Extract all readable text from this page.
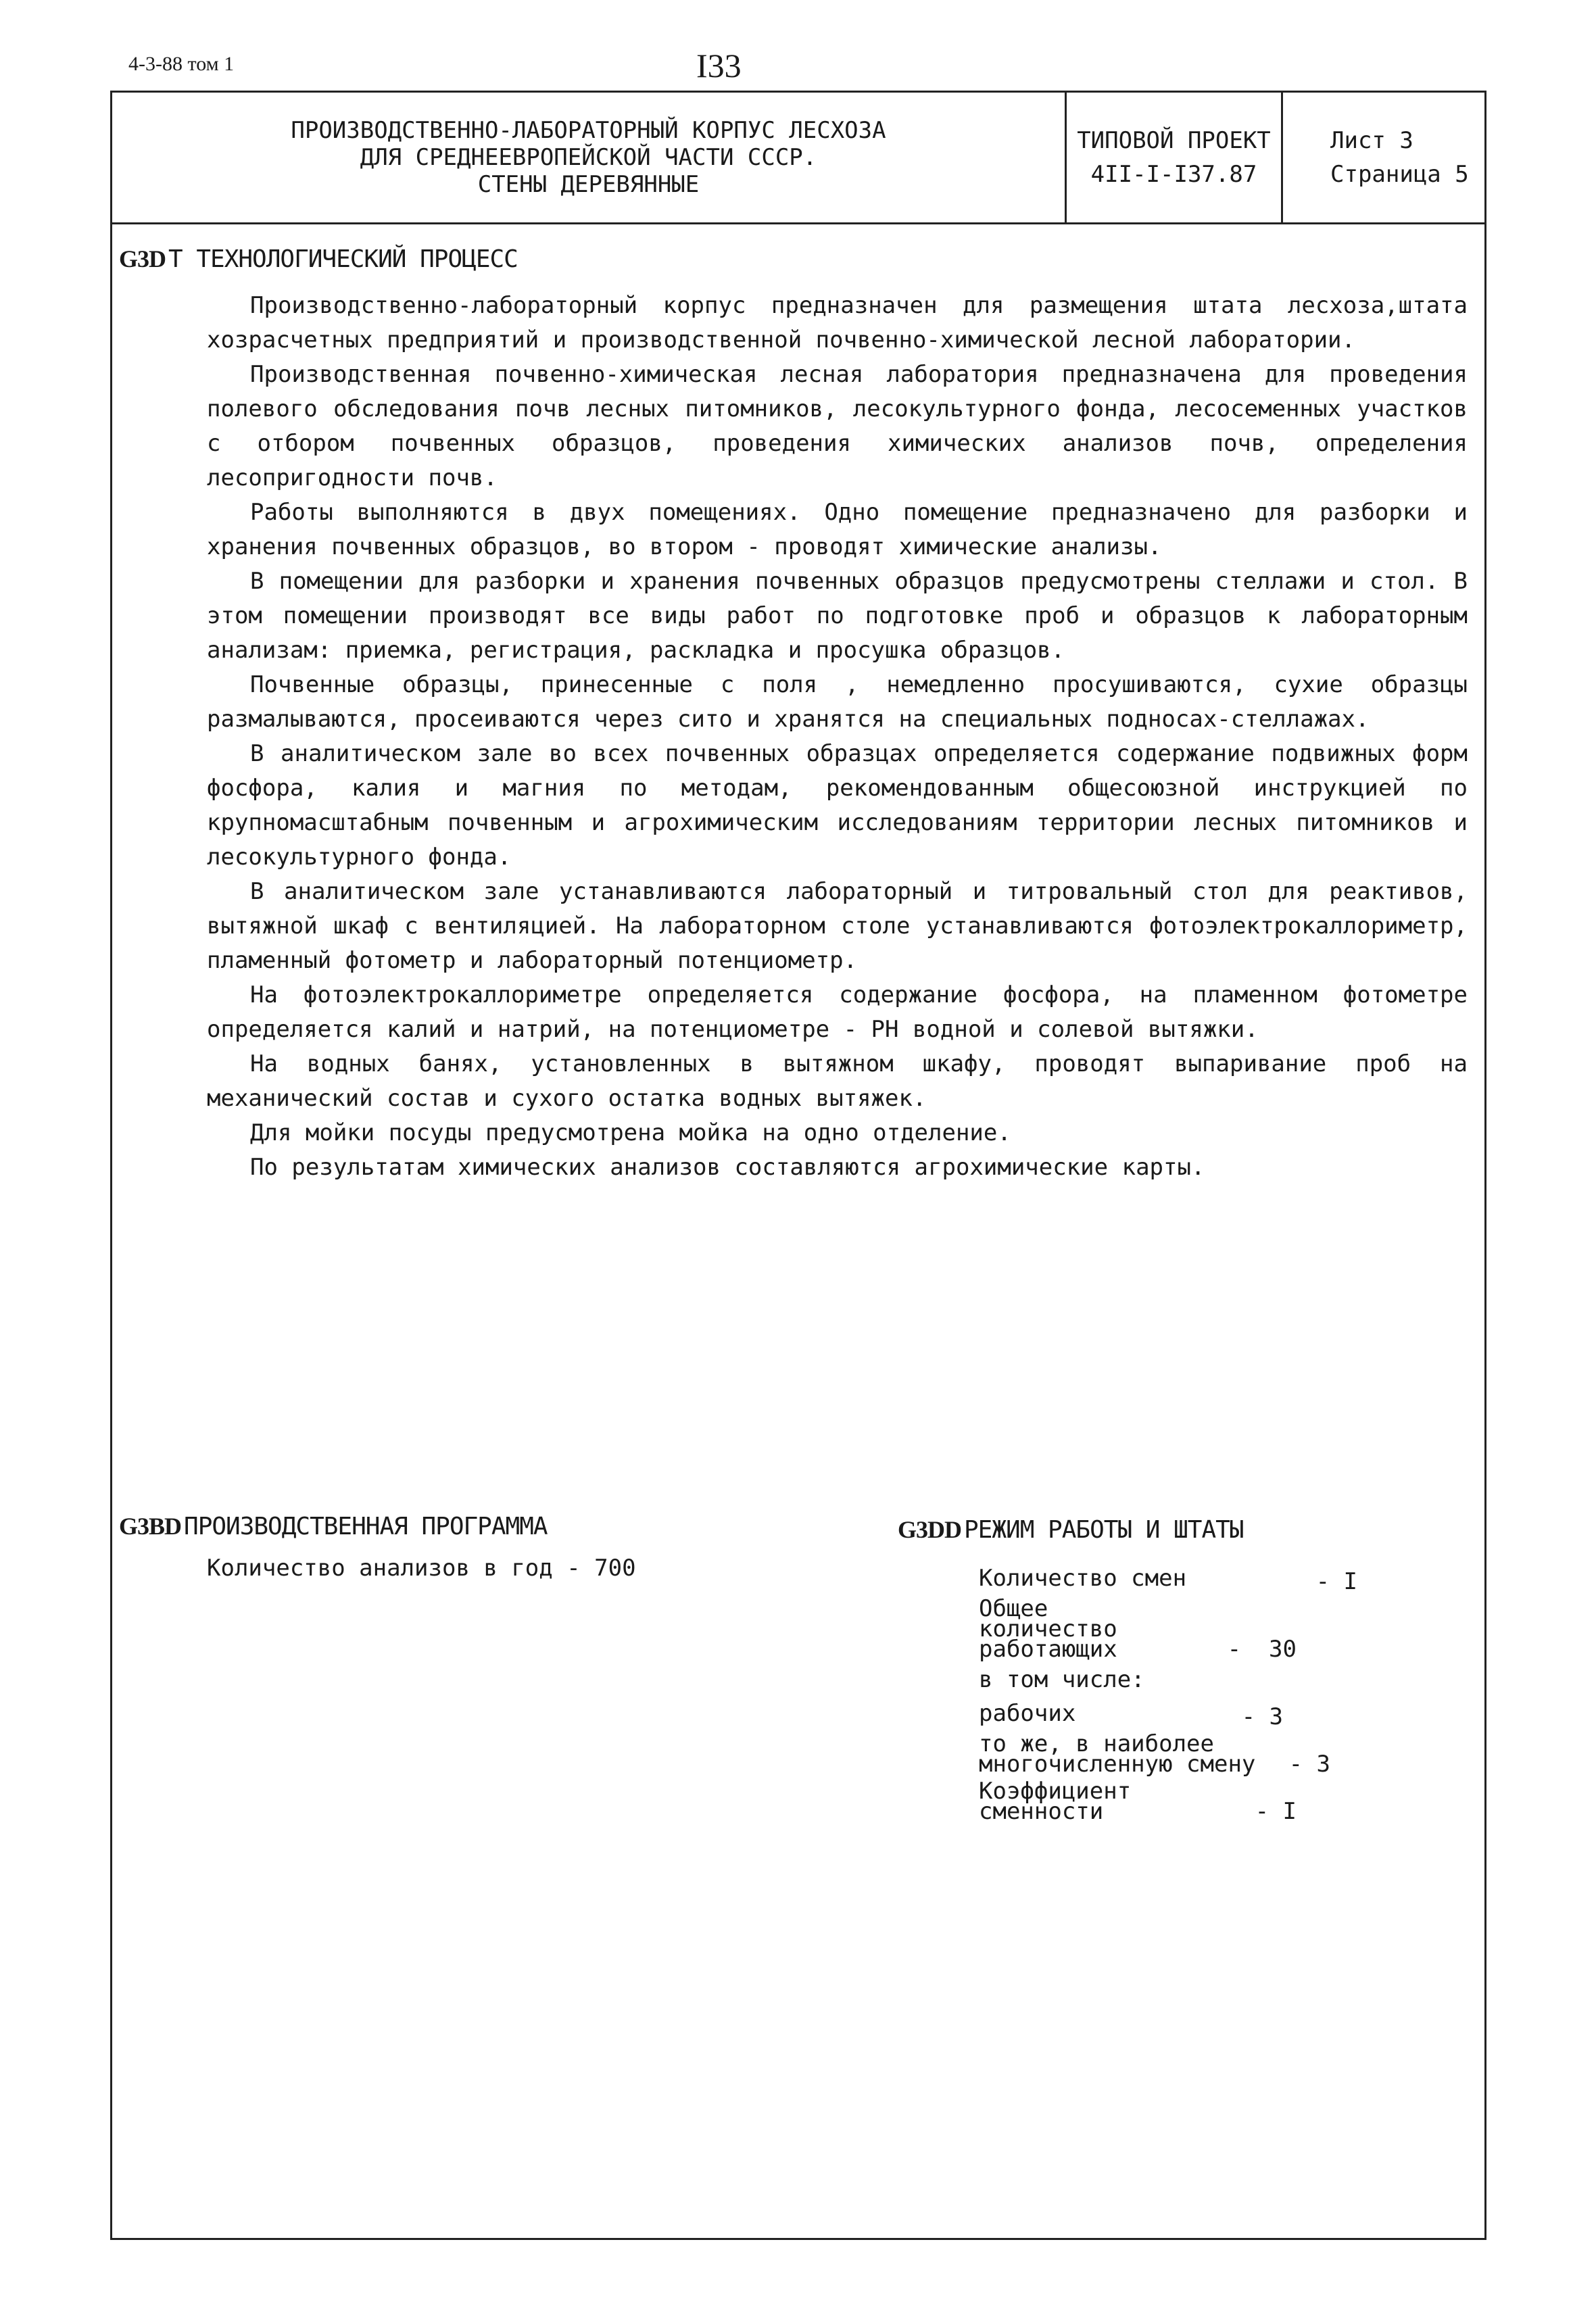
4-3-88 том 1	I33
ПРОИЗВОДСТВЕННО-ЛАБОРАТОРНЫЙ КОРПУС ЛЕСХОЗА
ДЛЯ СРЕДНЕЕВРОПЕЙСКОЙ ЧАСТИ СССР.
СТЕНЫ ДЕРЕВЯННЫЕ
ТИПОВОЙ ПРОЕКТ
4II-I-I37.87
Лист 3
Страница 5
G3D Т ТЕХНОЛОГИЧЕСКИЙ ПРОЦЕСС

Производственно-лабораторный корпус предназначен для размещения штата лесхоза,штата хозрасчетных предприятий и производственной почвенно-химической лесной лаборатории.

Производственная почвенно-химическая лесная лаборатория предназначена для проведения полевого обследования почв лесных питомников, лесокультурного фонда, лесосеменных участков с отбором почвенных образцов, проведения химических анализов почв, определения лесопригодности почв.

Работы выполняются в двух помещениях. Одно помещение предназначено для разборки и хранения почвенных образцов, во втором - проводят химические анализы.

В помещении для разборки и хранения почвенных образцов предусмотрены стеллажи и стол. В этом помещении производят все виды работ по подготовке проб и образцов к лабораторным анализам: приемка, регистрация, раскладка и просушка образцов.

Почвенные образцы, принесенные с поля , немедленно просушиваются, сухие образцы размалываются, просеиваются через сито и хранятся на специальных подносах-стеллажах.

В аналитическом зале во всех почвенных образцах определяется содержание подвижных форм фосфора, калия и магния по методам, рекомендованным общесоюзной инструкцией по крупномасштабным почвенным и агрохимическим исследованиям территории лесных питомников и лесокультурного фонда.

В аналитическом зале устанавливаются лабораторный и титровальный стол для реактивов, вытяжной шкаф с вентиляцией. На лабораторном столе устанавливаются фотоэлектрокаллориметр, пламенный фотометр и лабораторный потенциометр.

На фотоэлектрокаллориметре определяется содержание фосфора, на пламенном фотометре определяется калий и натрий, на потенциометре - РН водной и солевой вытяжки.

На водных банях, установленных в вытяжном шкафу, проводят выпаривание проб на механический состав и сухого остатка водных вытяжек.

Для мойки посуды предусмотрена мойка на одно отделение.

По результатам химических анализов составляются агрохимические карты.

G3BD ПРОИЗВОДСТВЕННАЯ ПРОГРАММА
Количество анализов в год - 700
G3DD РЕЖИМ РАБОТЫ И ШТАТЫ
Количество смен	- I
Общее количество работающих	-  30
в том числе:
рабочих	- 3
то же, в наиболее многочисленную смену	- 3
Коэффициент сменности	- I
